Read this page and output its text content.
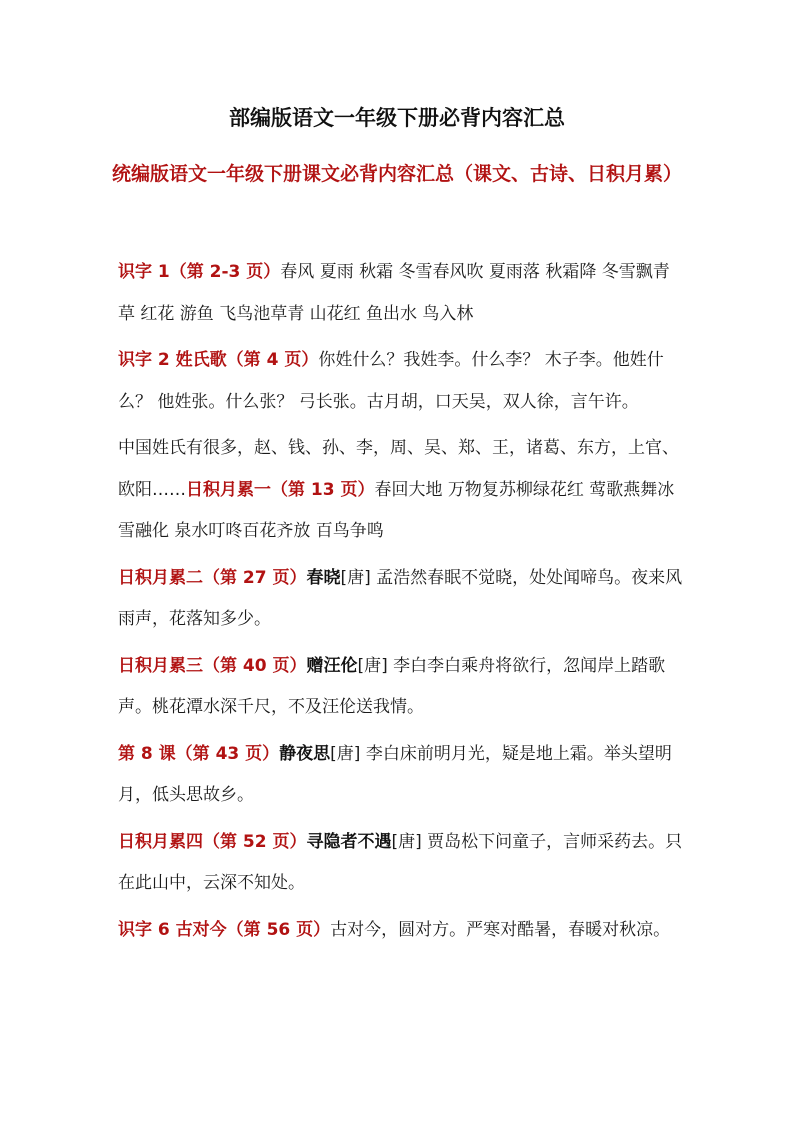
部编版语文一年级下册必背内容汇总
统编版语文一年级下册课文必背内容汇总（课文、古诗、日积月累）

识字 1（第 2-3 页）春风 夏雨 秋霜 冬雪春风吹 夏雨落 秋霜降 冬雪飘青草 红花 游鱼 飞鸟池草青 山花红 鱼出水 鸟入林

识字 2 姓氏歌（第 4 页）你姓什么？我姓李。什么李？ 木子李。他姓什么？ 他姓张。什么张？ 弓长张。古月胡，口天吴，双人徐，言午许。

中国姓氏有很多，赵、钱、孙、李，周、吴、郑、王，诸葛、东方，上官、欧阳……日积月累一（第 13 页）春回大地 万物复苏柳绿花红 莺歌燕舞冰雪融化 泉水叮咚百花齐放 百鸟争鸣

日积月累二（第 27 页）春晓[唐] 孟浩然春眠不觉晓，处处闻啼鸟。夜来风雨声，花落知多少。

日积月累三（第 40 页）赠汪伦[唐] 李白李白乘舟将欲行，忽闻岸上踏歌声。桃花潭水深千尺，不及汪伦送我情。

第 8 课（第 43 页）静夜思[唐] 李白床前明月光，疑是地上霜。举头望明月，低头思故乡。

日积月累四（第 52 页）寻隐者不遇[唐] 贾岛松下问童子，言师采药去。只在此山中，云深不知处。

识字 6 古对今（第 56 页）古对今，圆对方。严寒对酷暑，春暖对秋凉。
